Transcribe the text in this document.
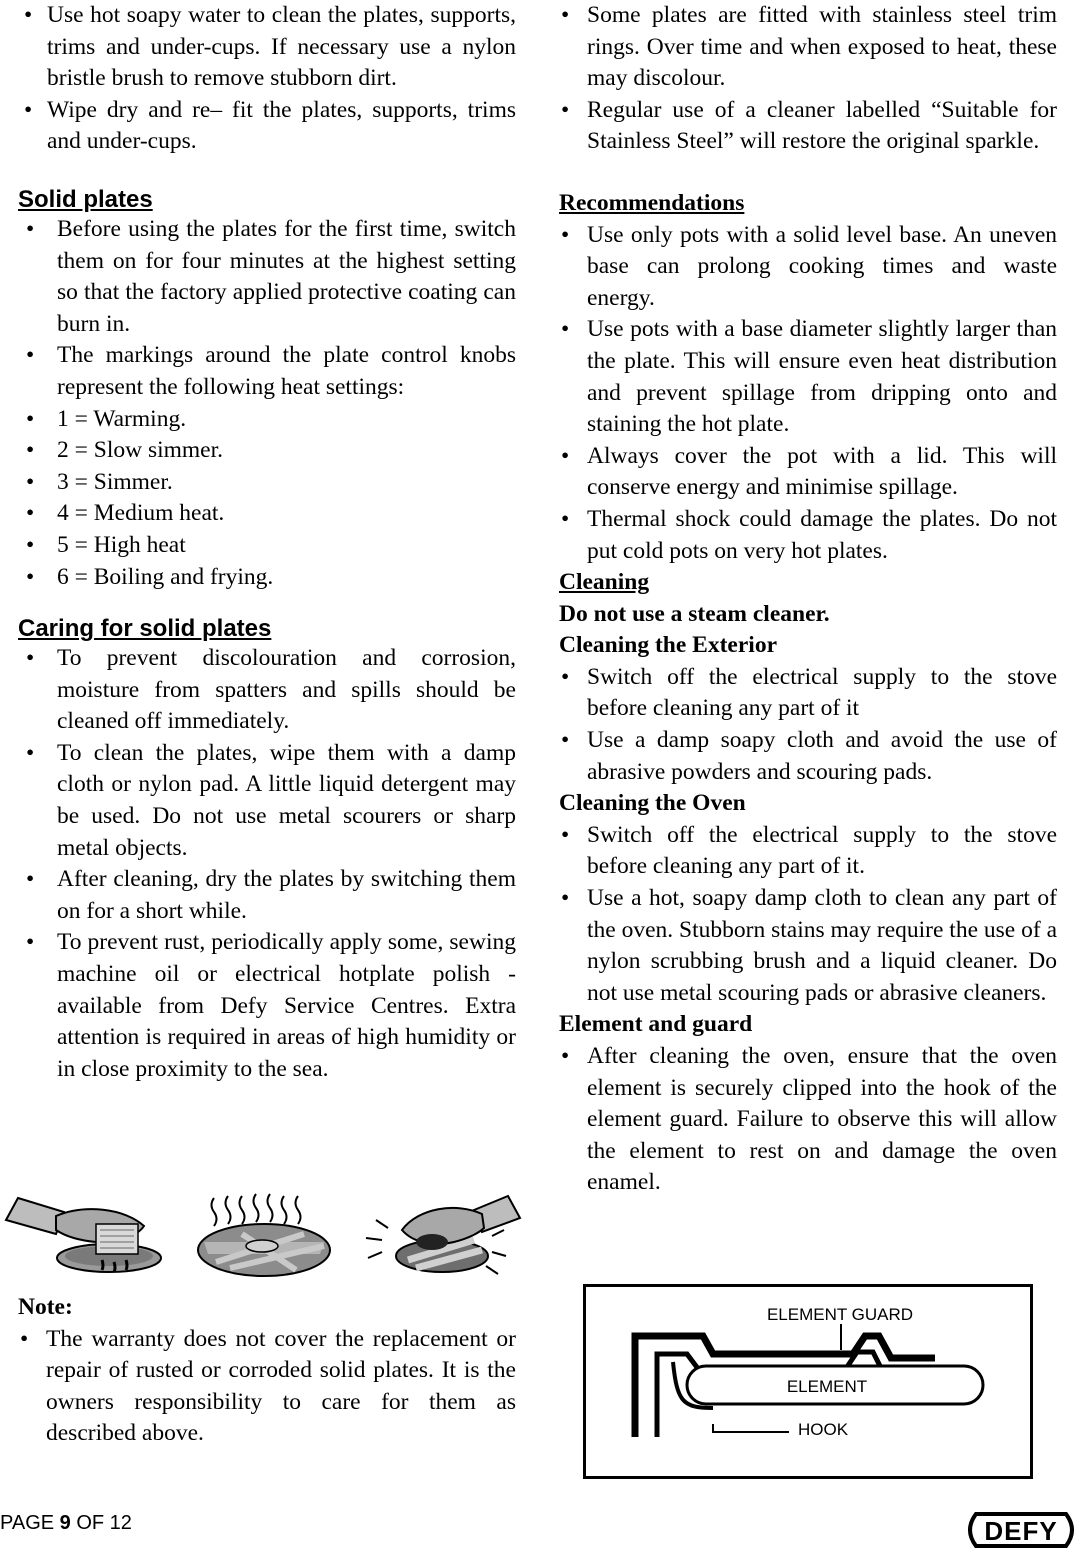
• Use hot soapy water to clean the plates, supports, trims and under-cups. If necessary use a nylon bristle brush to remove stubborn dirt.
• Wipe dry and re– fit the plates, supports, trims and under-cups.

Solid plates

• Before using the plates for the first time, switch them on for four minutes at the highest setting so that the factory applied protective coating can burn in.
• The markings around the plate control knobs represent the following heat settings:
• 1 = Warming.
• 2 = Slow simmer.
• 3 = Simmer.
• 4 = Medium heat.
• 5 = High heat
• 6 = Boiling and frying.

Caring for solid plates

• To prevent discolouration and corrosion, moisture from spatters and spills should be cleaned off immediately.
• To clean the plates, wipe them with a damp cloth or nylon pad. A little liquid detergent may be used. Do not use metal scourers or sharp metal objects.
• After cleaning, dry the plates by switching them on for a short while.
• To prevent rust, periodically apply some, sewing machine oil or electrical hotplate polish - available from Defy Service Centres. Extra attention is required in areas of high humidity or in close proximity to the sea.

Note:

• The warranty does not cover the replacement or repair of rusted or corroded solid plates. It is the owners responsibility to care for them as described above.
• Some plates are fitted with stainless steel trim rings. Over time and when exposed to heat, these may discolour.
• Regular use of a cleaner labelled “Suitable for Stainless Steel” will restore the original sparkle.

Recommendations

• Use only pots with a solid level base. An uneven base can prolong cooking times and waste energy.
• Use pots with a base diameter slightly larger than the plate. This will ensure even heat distribution and prevent spillage from dripping onto and staining the hot plate.
• Always cover the pot with a lid. This will conserve energy and minimise spillage.
• Thermal shock could damage the plates. Do not put cold pots on very hot plates.

Cleaning

Do not use a steam cleaner.

Cleaning the Exterior

• Switch off the electrical supply to the stove before cleaning any part of it
• Use a damp soapy cloth and avoid the use of abrasive powders and scouring pads.

Cleaning the Oven

• Switch off the electrical supply to the stove before cleaning any part of it.
• Use a hot, soapy damp cloth to clean any part of the oven. Stubborn stains may require the use of a nylon scrubbing brush and a liquid cleaner. Do not use metal scouring pads or abrasive cleaners.

Element and guard

• After cleaning the oven, ensure that the oven element is securely clipped into the hook of the element guard. Failure to observe this will allow the element to rest on and damage the oven enamel.
ELEMENT GUARD
ELEMENT
HOOK
PAGE 9 OF 12	DEFY
